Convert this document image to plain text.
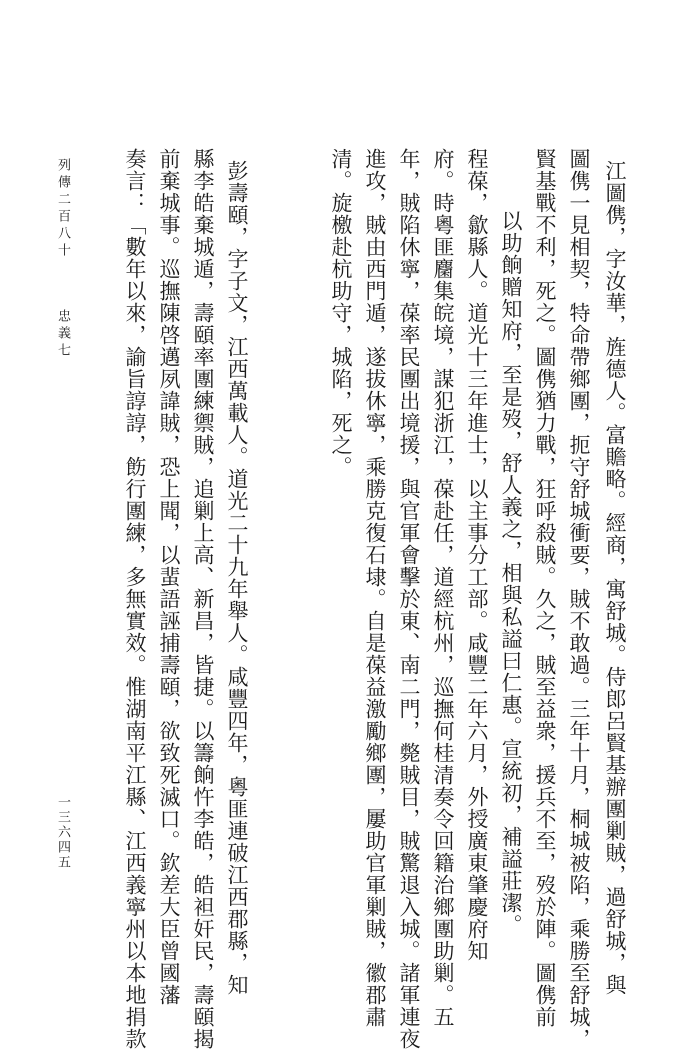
江圖㑺，字汝華，旌德人。富贍略。經商，寓舒城。侍郎呂賢基辦團剿賊，過舒城，與
圖㑺一見相契，特命帶鄉團，扼守舒城衝要，賊不敢過。三年十月，桐城被陷，乘勝至舒城，
賢基戰不利，死之。圖㑺猶力戰，狂呼殺賊。久之，賊至益衆，援兵不至，歿於陣。圖㑺前
以助餉贈知府，至是歿，舒人義之，相與私謚曰仁惠。宣統初，補謚莊潔。
程葆，歙縣人。道光十三年進士，以主事分工部。咸豐二年六月，外授廣東肇慶府知
府。時粵匪麕集皖境，謀犯浙江，葆赴任，道經杭州，巡撫何桂清奏令回籍治鄉團助剿。五
年，賊陷休寧，葆率民團出境援，與官軍會擊於東、南二門，斃賊目，賊驚退入城。諸軍連夜
進攻，賊由西門遁，遂拔休寧，乘勝克復石埭。自是葆益激勵鄉團，屢助官軍剿賊，徽郡肅
清。旋檄赴杭助守，城陷，死之。
彭壽頤，字子文，江西萬載人。道光二十九年舉人。咸豐四年，粵匪連破江西郡縣，知
縣李皓棄城遁，壽頤率團練禦賊，追剿上高、新昌，皆捷。以籌餉忤李皓，皓袒奸民，壽頤揭
前棄城事。巡撫陳啓邁夙諱賊，恐上聞，以蜚語誣捕壽頤，欲致死滅口。欽差大臣曾國藩
奏言：「數年以來，諭旨諄諄，飭行團練，多無實效。惟湖南平江縣、江西義寧州以本地捐款
列傳二百八十 忠義七
一三六四五
